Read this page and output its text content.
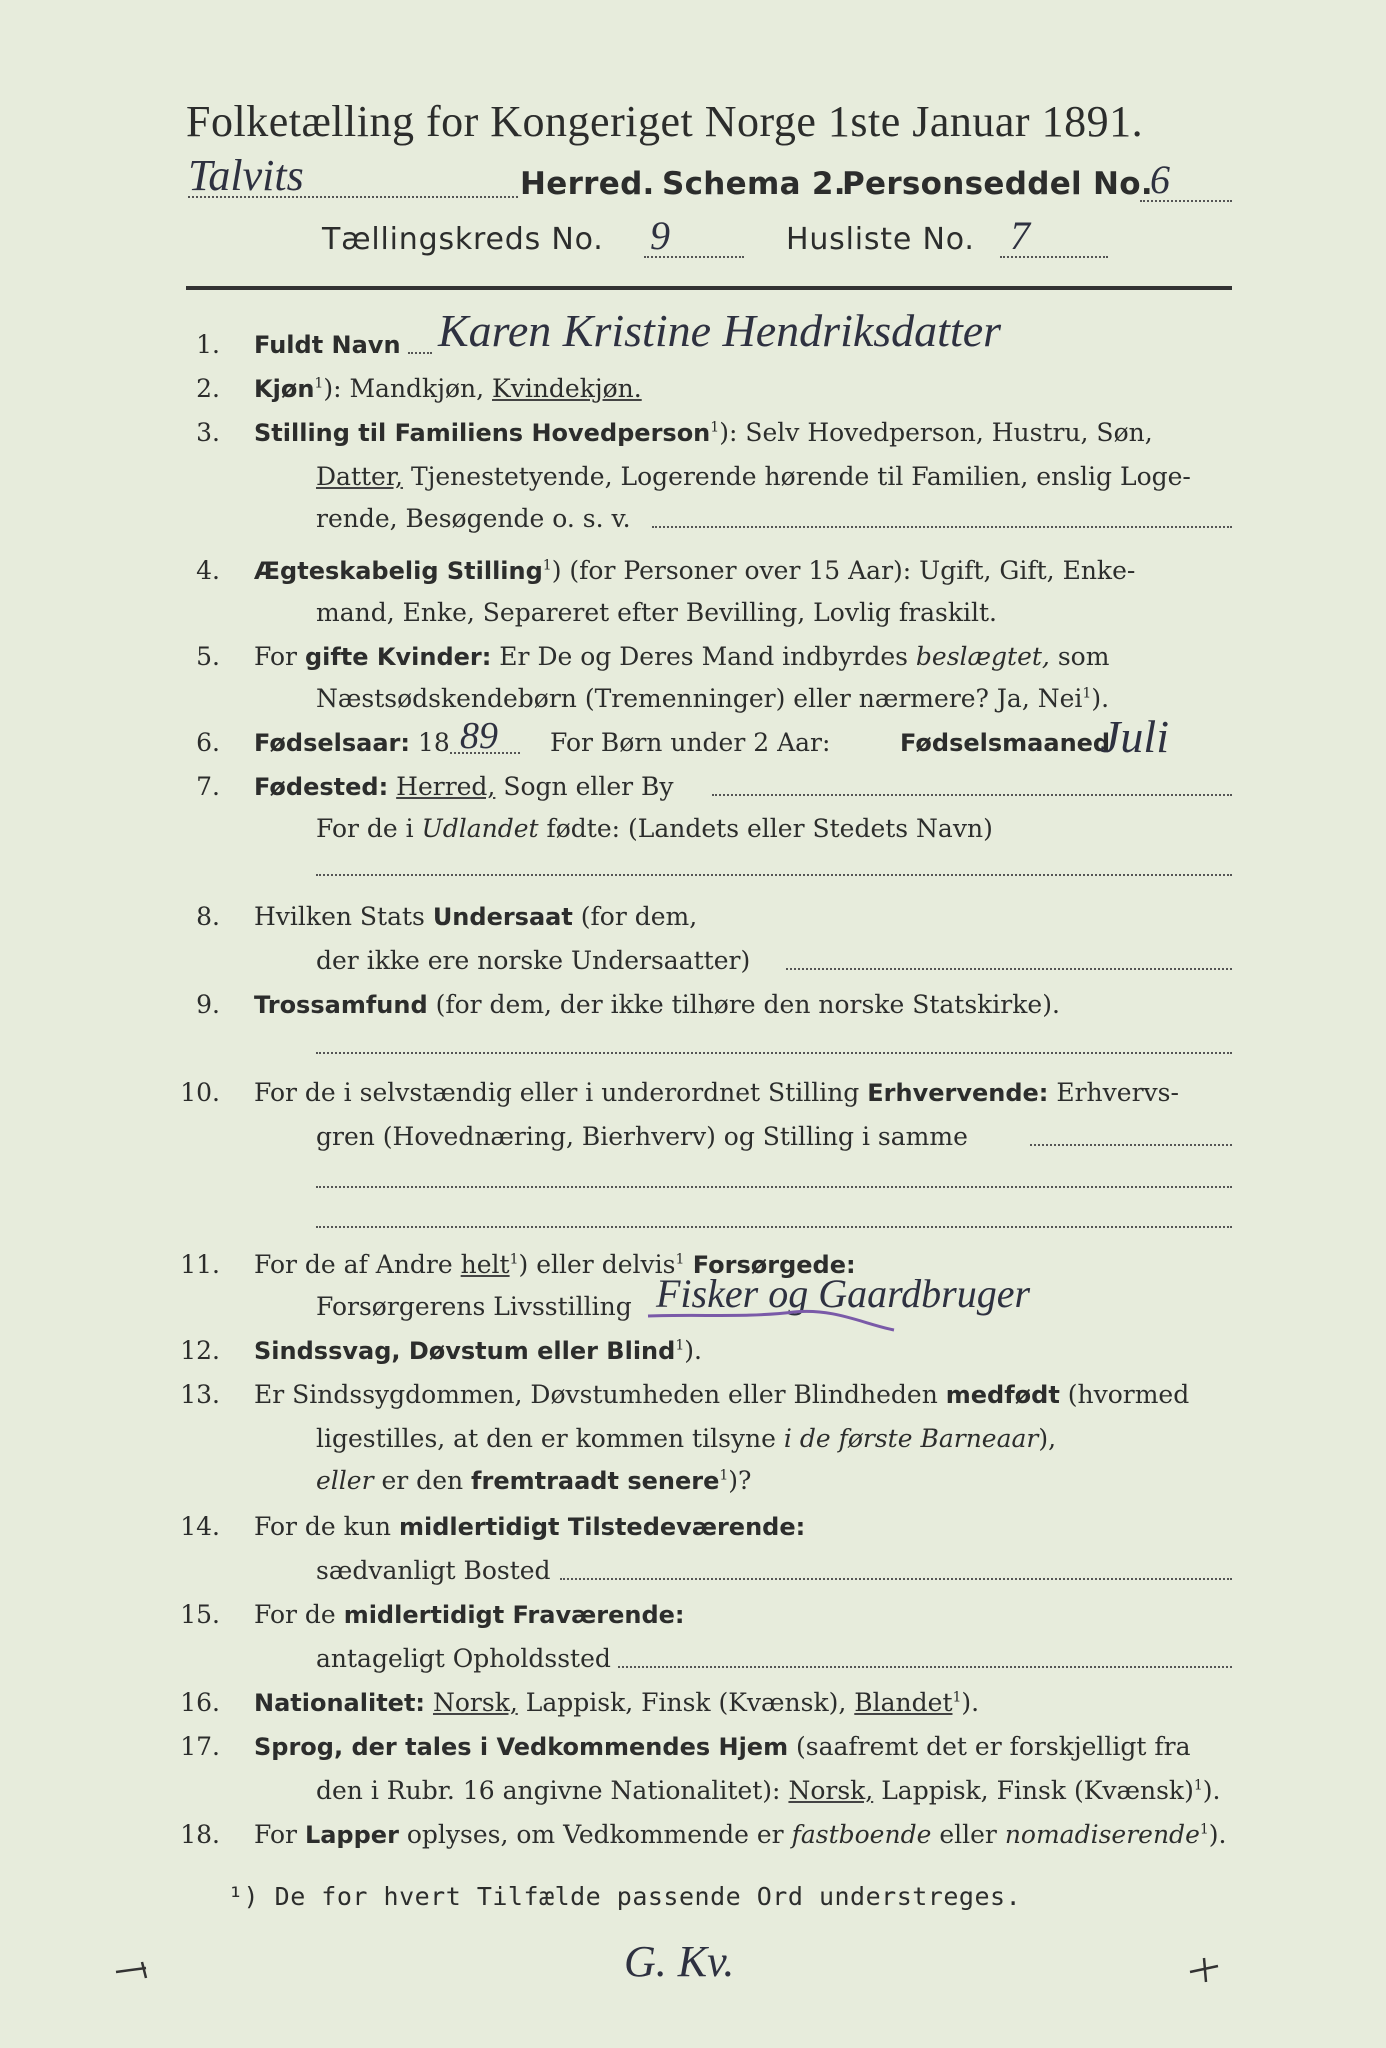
Folketælling for Kongeriget Norge 1ste Januar 1891.
Talvits	Herred. Schema 2.
Personseddel No.
6
Tællingskreds No. 9	Husliste No. 7
1. Fuldt Navn Karen Kristine Hendriksdatter
2. Kjøn$^1$): Mandkjøn, Kvindekjøn.
3. Stilling til Familiens Hovedperson$^1$): Selv Hovedperson, Hustru, Søn,
Datter, Tjenestetyende, Logerende hørende til Familien, enslig Loge-
rende, Besøgende o. s. v.
4. Ægteskabelig Stilling$^1$) (for Personer over 15 Aar): Ugift, Gift, Enke-
mand, Enke, Separeret efter Bevilling, Lovlig fraskilt.
5. For gifte Kvinder: Er De og Deres Mand indbyrdes beslægtet, som
Næstsødskendebørn (Tremenninger) eller nærmere? Ja, Nei$^1$).
6. Fødselsaar: 18 89 For Børn under 2 Aar:	Fødselsmaaned
Juli
7. Fødested: Herred, Sogn eller By
For de i Udlandet fødte: (Landets eller Stedets Navn)
8. Hvilken Stats Undersaat (for dem,
der ikke ere norske Undersaatter)
9. Trossamfund (for dem, der ikke tilhøre den norske Statskirke).
10. For de i selvstændig eller i underordnet Stilling Erhvervende: Erhvervs-
gren (Hovednæring, Bierhverv) og Stilling i samme
11. For de af Andre helt$^1$) eller delvis$^1$ Forsørgede:
Forsørgerens Livsstilling Fisker og Gaardbruger
12. Sindssvag, Døvstum eller Blind$^1$).
13. Er Sindssygdommen, Døvstumheden eller Blindheden medfødt (hvormed
ligestilles, at den er kommen tilsyne i de første Barneaar),
eller er den fremtraadt senere$^1$)?
14. For de kun midlertidigt Tilstedeværende:
sædvanligt Bosted
15. For de midlertidigt Fraværende:
antageligt Opholdssted
16. Nationalitet: Norsk, Lappisk, Finsk (Kvænsk), Blandet$^1$).
17. Sprog, der tales i Vedkommendes Hjem (saafremt det er forskjelligt fra
den i Rubr. 16 angivne Nationalitet): Norsk, Lappisk, Finsk (Kvænsk)$^1$).
18. For Lapper oplyses, om Vedkommende er fastboende eller nomadiserende$^1$).
¹) De for hvert Tilfælde passende Ord understreges.
G. Kv.
